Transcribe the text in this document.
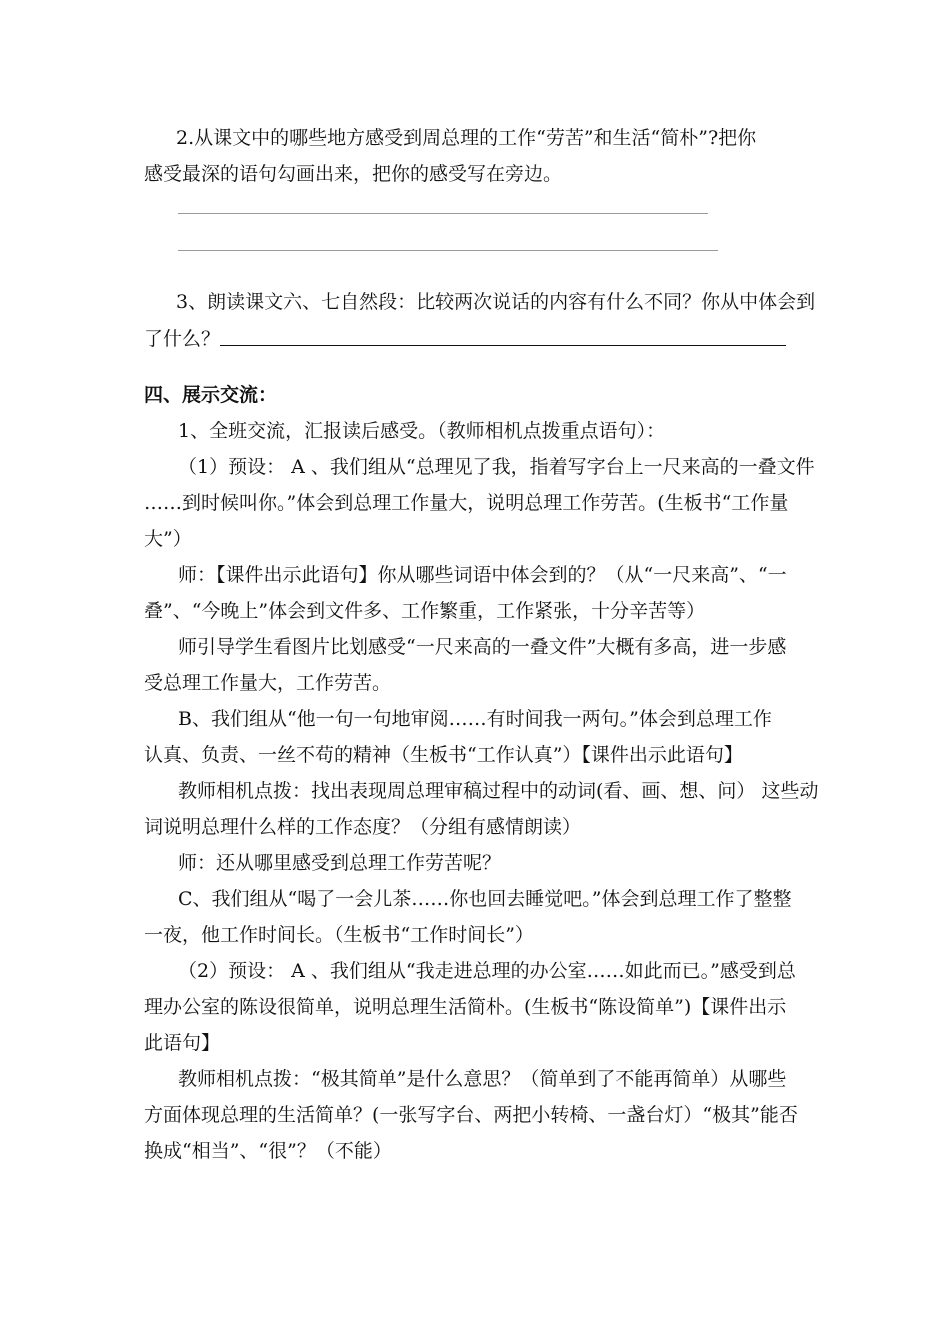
2.从课文中的哪些地方感受到周总理的工作“劳苦”和生活“简朴”?把你
感受最深的语句勾画出来，把你的感受写在旁边。
3、朗读课文六、七自然段：比较两次说话的内容有什么不同？你从中体会到
了什么？
四、展示交流：
1、全班交流，汇报读后感受。（教师相机点拨重点语句）：
（1）预设： A 、我们组从“总理见了我，指着写字台上一尺来高的一叠文件
……到时候叫你。”体会到总理工作量大，说明总理工作劳苦。(生板书“工作量
大”）
师：【课件出示此语句】你从哪些词语中体会到的？（从“一尺来高”、“一
叠”、“今晚上”体会到文件多、工作繁重，工作紧张，十分辛苦等）
师引导学生看图片比划感受“一尺来高的一叠文件”大概有多高，进一步感
受总理工作量大，工作劳苦。
B、我们组从“他一句一句地审阅……有时间我一两句。”体会到总理工作
认真、负责、一丝不苟的精神（生板书“工作认真”）【课件出示此语句】
教师相机点拨：找出表现周总理审稿过程中的动词(看、画、想、问） 这些动
词说明总理什么样的工作态度？（分组有感情朗读）
师：还从哪里感受到总理工作劳苦呢？
C、我们组从“喝了一会儿茶……你也回去睡觉吧。”体会到总理工作了整整
一夜，他工作时间长。（生板书“工作时间长”）
（2）预设： A 、我们组从“我走进总理的办公室……如此而已。”感受到总
理办公室的陈设很简单，说明总理生活简朴。(生板书“陈设简单”)【课件出示
此语句】
教师相机点拨：“极其简单”是什么意思？（简单到了不能再简单）从哪些
方面体现总理的生活简单？(一张写字台、两把小转椅、一盏台灯）“极其”能否
换成“相当”、“很”？（不能）
